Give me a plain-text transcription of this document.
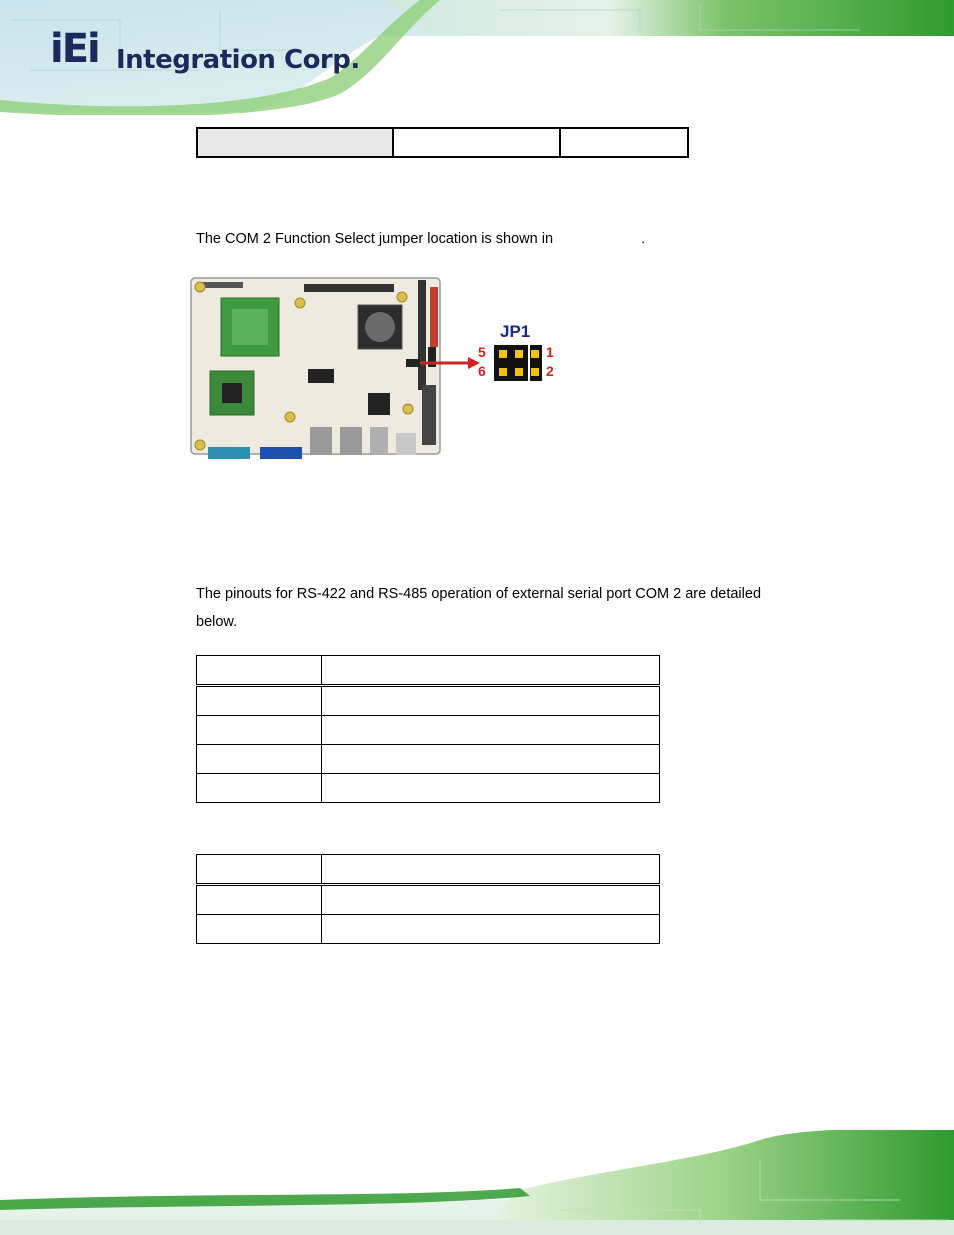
iEi Integration Corp.

The COM 2 Function Select jumper location is shown in	.
JP1
5
6
1
2
The pinouts for RS-422 and RS-485 operation of external serial port COM 2 are detailed
below.
